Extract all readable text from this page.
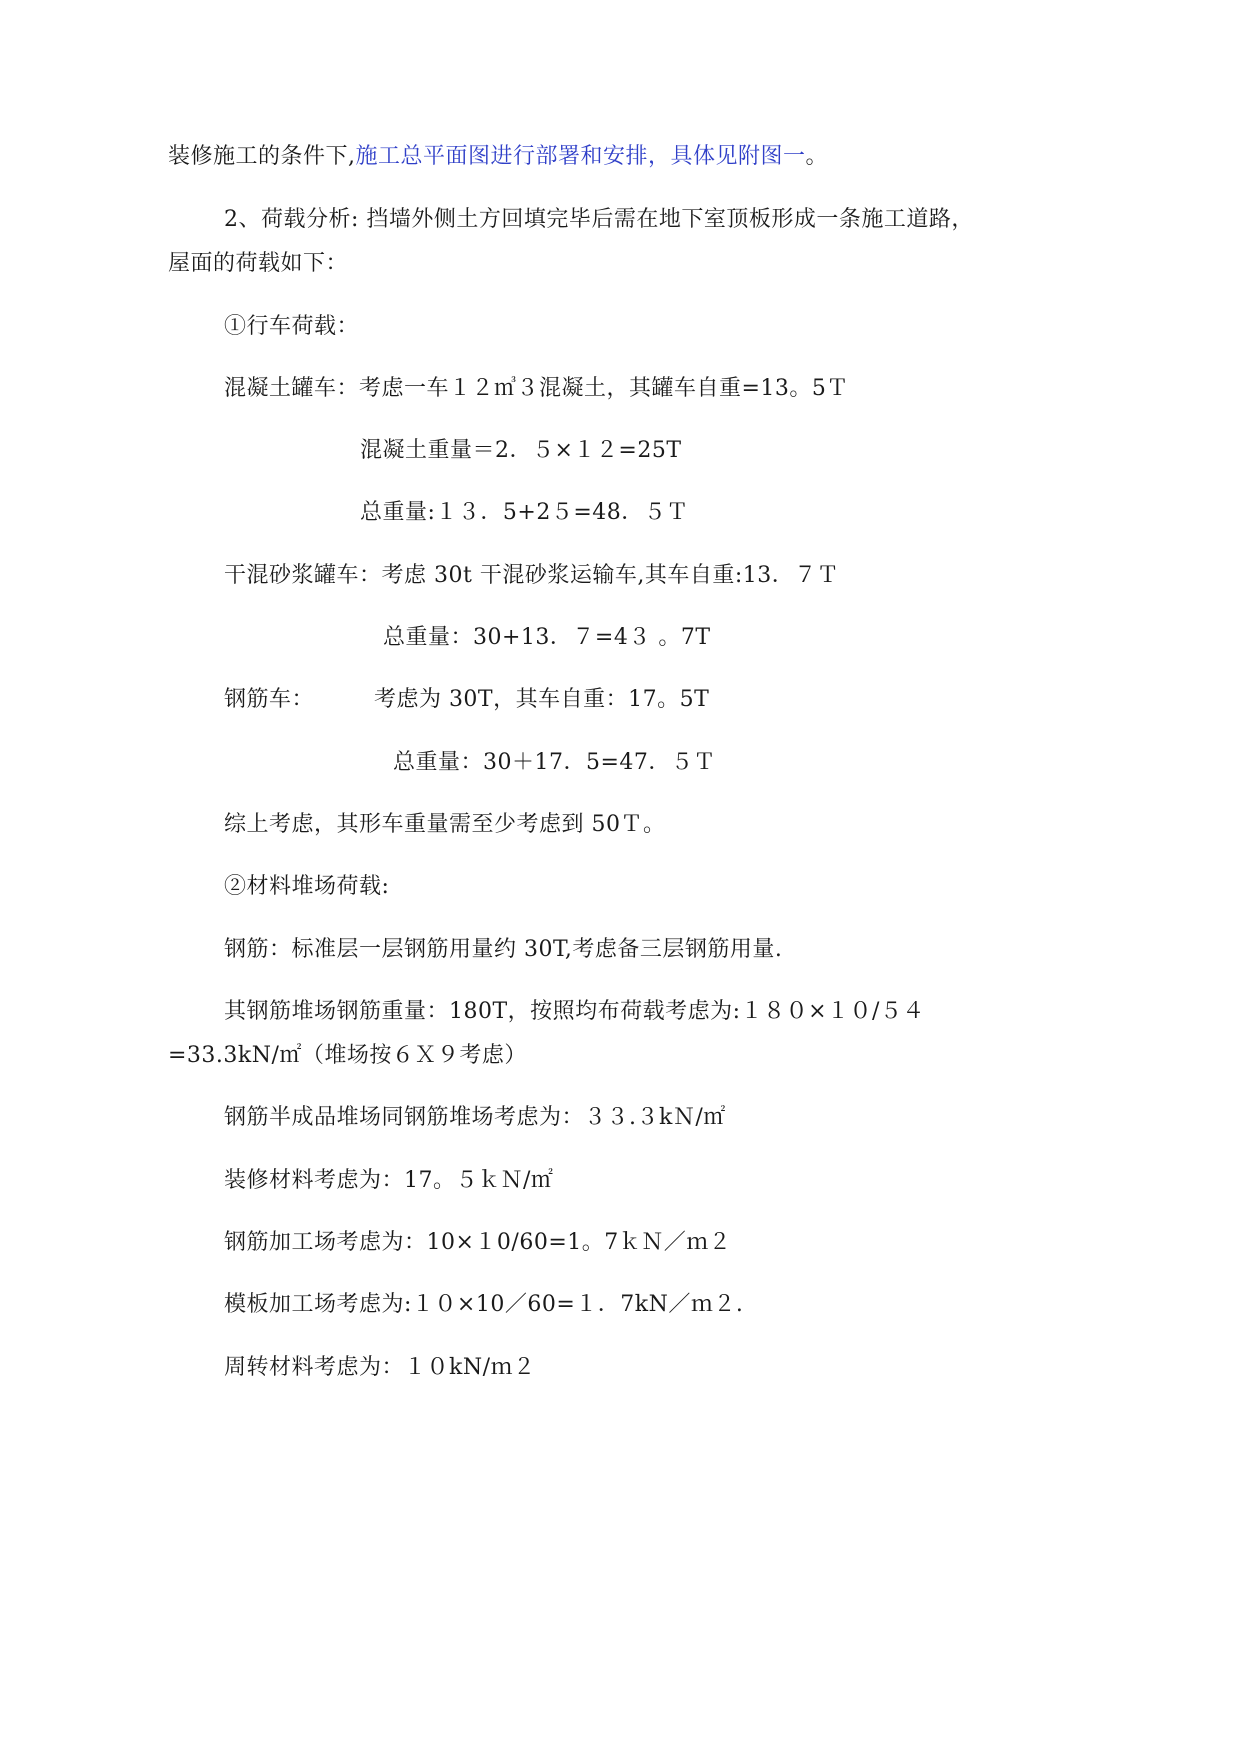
装修施工的条件下,施工总平面图进行部署和安排，具体见附图一。
2、荷载分析: 挡墙外侧土方回填完毕后需在地下室顶板形成一条施工道路，
屋面的荷载如下：
①行车荷载：
混凝土罐车：考虑一车１２㎥３混凝土，其罐车自重=13。5Ｔ
混凝土重量＝2．５×１２=25T
总重量:１３．5+2５=48．５Ｔ
干混砂浆罐车：考虑 30t 干混砂浆运输车,其车自重:13．７Ｔ
总重量：30+13．７=4３ 。7T
钢筋车：        考虑为 30T，其车自重：17。5T
总重量：30＋17．5=47．５Ｔ
综上考虑，其形车重量需至少考虑到 50Ｔ。
②材料堆场荷载:
钢筋：标准层一层钢筋用量约 30T,考虑备三层钢筋用量.
其钢筋堆场钢筋重量：180T，按照均布荷载考虑为:１８０×１０/５４
=33.3kN/㎡（堆场按６Ｘ９考虑）
钢筋半成品堆场同钢筋堆场考虑为：３３.３kＮ/㎡
装修材料考虑为：17。５ｋＮ/㎡
钢筋加工场考虑为：10×１0/60=1。7ｋＮ／ｍ２
模板加工场考虑为:１０×10／60=１．7kN／ｍ２.
周转材料考虑为：１０kN/ｍ２
